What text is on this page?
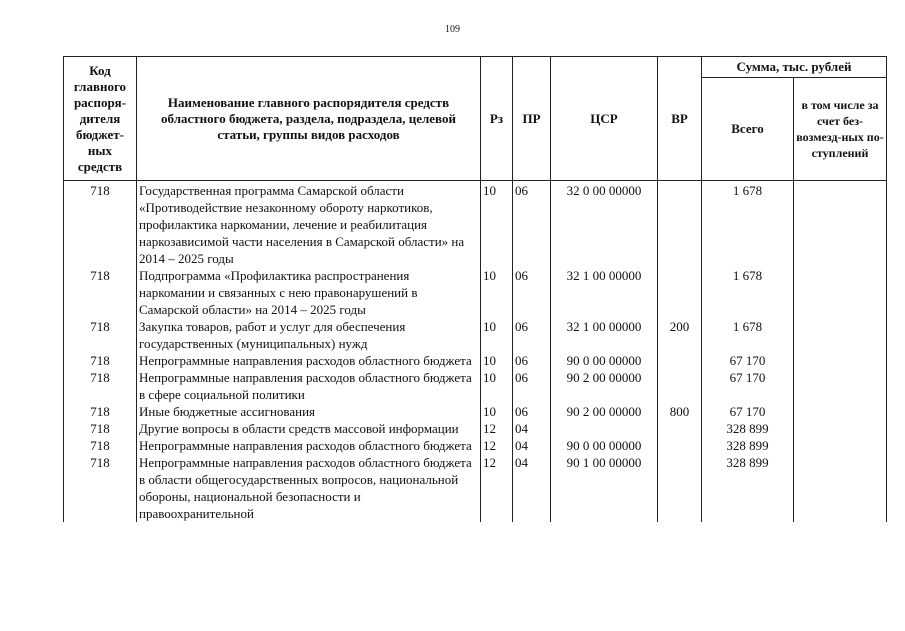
109
Код главного распоря-дителя бюджет-ных средств	Наименование главного распорядителя средств областного бюджета, раздела, подраздела, целевой статьи, группы видов расходов	Рз	ПР	ЦСР	ВР	Сумма, тыс. рублей	
						Всего	в том числе за счет без-возмезд-ных по-ступлений
718	Государственная программа Самарской области «Противодействие незаконному обороту наркотиков, профилактика наркомании, лечение и реабилитация наркозависимой части населения в Самарской области» на 2014 – 2025 годы	10	06	32 0 00 00000		1 678	
718	Подпрограмма «Профилактика распространения наркомании и связанных с нею правонарушений в Самарской области» на 2014 – 2025 годы	10	06	32 1 00 00000		1 678	
718	Закупка товаров, работ и услуг для обеспечения государственных (муниципальных) нужд	10	06	32 1 00 00000	200	1 678	
718	Непрограммные направления расходов областного бюджета	10	06	90 0 00 00000		67 170	
718	Непрограммные направления расходов областного бюджета в сфере социальной политики	10	06	90 2 00 00000		67 170	
718	Иные бюджетные ассигнования	10	06	90 2 00 00000	800	67 170	
718	Другие вопросы в области средств массовой информации	12	04			328 899	
718	Непрограммные направления расходов областного бюджета	12	04	90 0 00 00000		328 899	
718	Непрограммные направления расходов областного бюджета в области общегосударственных вопросов, национальной обороны, национальной безопасности и правоохранительной	12	04	90 1 00 00000		328 899	
